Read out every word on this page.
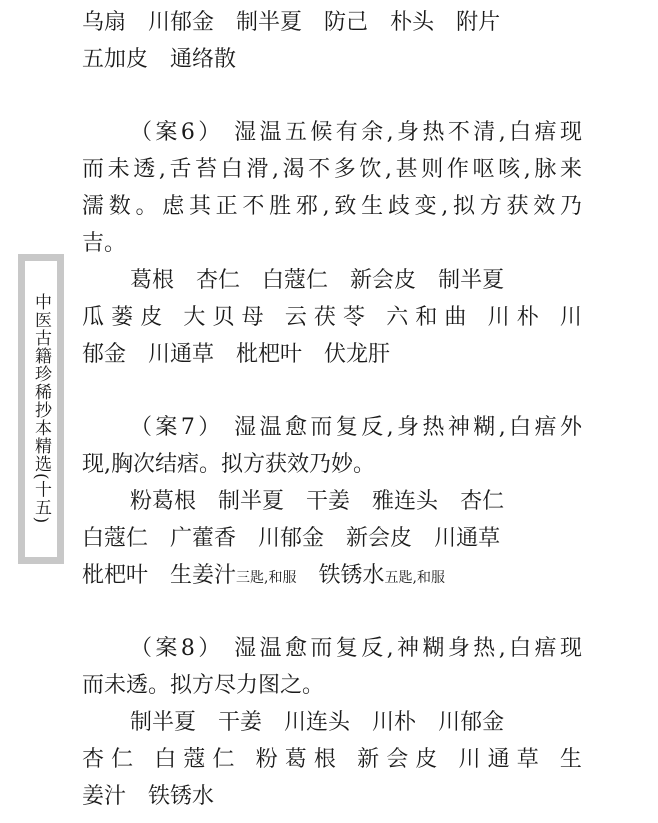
中医古籍珍稀抄本精选(十五)
乌扇 川郁金 制半夏 防己 朴头 附片
五加皮 通络散
（案6） 湿温五候有余,身热不清,白痦现
而未透,舌苔白滑,渴不多饮,甚则作呕咳,脉来
濡数。虑其正不胜邪,致生歧变,拟方获效乃
吉。
葛根 杏仁 白蔻仁 新会皮 制半夏
瓜蒌皮 大贝母 云茯苓 六和曲 川朴 川
郁金 川通草 枇杷叶 伏龙肝
（案7） 湿温愈而复反,身热神糊,白痦外
现,胸次结痞。拟方获效乃妙。
粉葛根 制半夏 干姜 雅连头 杏仁
白蔻仁 广藿香 川郁金 新会皮 川通草
枇杷叶 生姜汁三匙,和服 铁锈水五匙,和服
（案8） 湿温愈而复反,神糊身热,白痦现
而未透。拟方尽力图之。
制半夏 干姜 川连头 川朴 川郁金
杏仁 白蔻仁 粉葛根 新会皮 川通草 生
姜汁 铁锈水
